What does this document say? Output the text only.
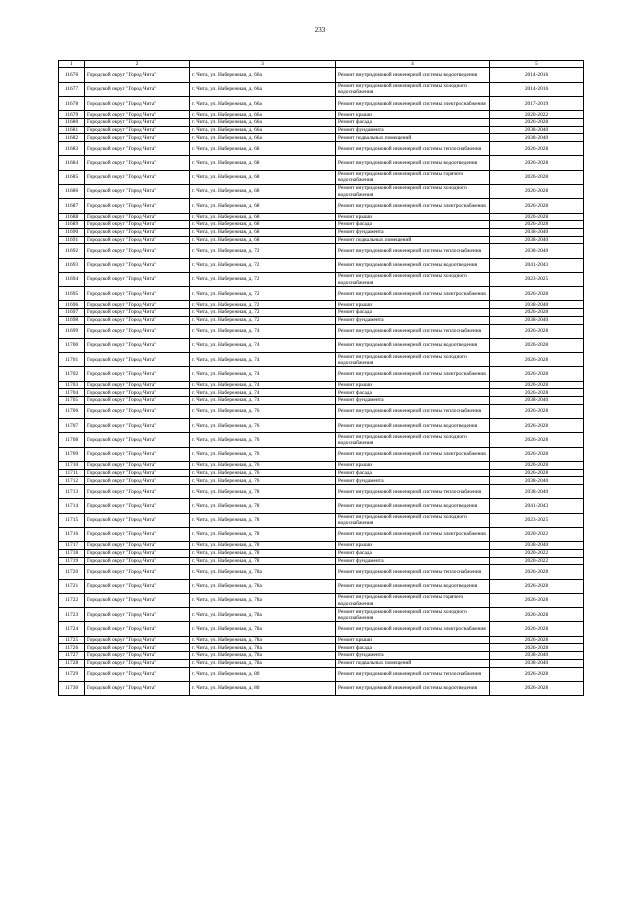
233
1	2	3	4	5
11676	Городской округ "Город Чита"	г. Чита, ул. Набережная, д. 66а	Ремонт внутридомовой инженерной системы водоотведения	2014-2016
11677	Городской округ "Город Чита"	г. Чита, ул. Набережная, д. 66а	Ремонт внутридомовой инженерной системы холодного водоснабжения	2014-2016
11678	Городской округ "Город Чита"	г. Чита, ул. Набережная, д. 66а	Ремонт внутридомовой инженерной системы электроснабжения	2017-2019
11679	Городской округ "Город Чита"	г. Чита, ул. Набережная, д. 66а	Ремонт крыши	2020-2022
11680	Городской округ "Город Чита"	г. Чита, ул. Набережная, д. 66а	Ремонт фасада	2026-2028
11681	Городской округ "Город Чита"	г. Чита, ул. Набережная, д. 66а	Ремонт фундамента	2038-2040
11682	Городской округ "Город Чита"	г. Чита, ул. Набережная, д. 66а	Ремонт подвальных помещений	2038-2040
11683	Городской округ "Город Чита"	г. Чита, ул. Набережная, д. 68	Ремонт внутридомовой инженерной системы теплоснабжения	2026-2028
11684	Городской округ "Город Чита"	г. Чита, ул. Набережная, д. 68	Ремонт внутридомовой инженерной системы водоотведения	2026-2028
11685	Городской округ "Город Чита"	г. Чита, ул. Набережная, д. 68	Ремонт внутридомовой инженерной системы горячего водоснабжения	2026-2028
11686	Городской округ "Город Чита"	г. Чита, ул. Набережная, д. 68	Ремонт внутридомовой инженерной системы холодного водоснабжения	2026-2028
11687	Городской округ "Город Чита"	г. Чита, ул. Набережная, д. 68	Ремонт внутридомовой инженерной системы электроснабжения	2026-2028
11688	Городской округ "Город Чита"	г. Чита, ул. Набережная, д. 68	Ремонт крыши	2026-2028
11689	Городской округ "Город Чита"	г. Чита, ул. Набережная, д. 68	Ремонт фасада	2026-2028
11690	Городской округ "Город Чита"	г. Чита, ул. Набережная, д. 68	Ремонт фундамента	2038-2040
11691	Городской округ "Город Чита"	г. Чита, ул. Набережная, д. 68	Ремонт подвальных помещений	2038-2040
11692	Городской округ "Город Чита"	г. Чита, ул. Набережная, д. 72	Ремонт внутридомовой инженерной системы теплоснабжения	2038-2040
11693	Городской округ "Город Чита"	г. Чита, ул. Набережная, д. 72	Ремонт внутридомовой инженерной системы водоотведения	2041-2043
11694	Городской округ "Город Чита"	г. Чита, ул. Набережная, д. 72	Ремонт внутридомовой инженерной системы холодного водоснабжения	2023-2025
11695	Городской округ "Город Чита"	г. Чита, ул. Набережная, д. 72	Ремонт внутридомовой инженерной системы электроснабжения	2026-2028
11696	Городской округ "Город Чита"	г. Чита, ул. Набережная, д. 72	Ремонт крыши	2038-2040
11697	Городской округ "Город Чита"	г. Чита, ул. Набережная, д. 72	Ремонт фасада	2026-2028
11698	Городской округ "Город Чита"	г. Чита, ул. Набережная, д. 72	Ремонт фундамента	2038-2040
11699	Городской округ "Город Чита"	г. Чита, ул. Набережная, д. 74	Ремонт внутридомовой инженерной системы теплоснабжения	2026-2028
11700	Городской округ "Город Чита"	г. Чита, ул. Набережная, д. 74	Ремонт внутридомовой инженерной системы водоотведения	2026-2028
11701	Городской округ "Город Чита"	г. Чита, ул. Набережная, д. 74	Ремонт внутридомовой инженерной системы холодного водоснабжения	2026-2028
11702	Городской округ "Город Чита"	г. Чита, ул. Набережная, д. 74	Ремонт внутридомовой инженерной системы электроснабжения	2026-2028
11703	Городской округ "Город Чита"	г. Чита, ул. Набережная, д. 74	Ремонт крыши	2026-2028
11704	Городской округ "Город Чита"	г. Чита, ул. Набережная, д. 74	Ремонт фасада	2026-2028
11705	Городской округ "Город Чита"	г. Чита, ул. Набережная, д. 74	Ремонт фундамента	2038-2040
11706	Городской округ "Город Чита"	г. Чита, ул. Набережная, д. 76	Ремонт внутридомовой инженерной системы теплоснабжения	2026-2028
11707	Городской округ "Город Чита"	г. Чита, ул. Набережная, д. 76	Ремонт внутридомовой инженерной системы водоотведения	2026-2028
11708	Городской округ "Город Чита"	г. Чита, ул. Набережная, д. 76	Ремонт внутридомовой инженерной системы холодного водоснабжения	2026-2028
11709	Городской округ "Город Чита"	г. Чита, ул. Набережная, д. 76	Ремонт внутридомовой инженерной системы электроснабжения	2026-2028
11710	Городской округ "Город Чита"	г. Чита, ул. Набережная, д. 76	Ремонт крыши	2026-2028
11711	Городской округ "Город Чита"	г. Чита, ул. Набережная, д. 76	Ремонт фасада	2026-2028
11712	Городской округ "Город Чита"	г. Чита, ул. Набережная, д. 76	Ремонт фундамента	2038-2040
11713	Городской округ "Город Чита"	г. Чита, ул. Набережная, д. 78	Ремонт внутридомовой инженерной системы теплоснабжения	2038-2040
11714	Городской округ "Город Чита"	г. Чита, ул. Набережная, д. 78	Ремонт внутридомовой инженерной системы водоотведения	2041-2043
11715	Городской округ "Город Чита"	г. Чита, ул. Набережная, д. 78	Ремонт внутридомовой инженерной системы холодного водоснабжения	2023-2025
11716	Городской округ "Город Чита"	г. Чита, ул. Набережная, д. 78	Ремонт внутридомовой инженерной системы электроснабжения	2020-2022
11717	Городской округ "Город Чита"	г. Чита, ул. Набережная, д. 78	Ремонт крыши	2038-2040
11718	Городской округ "Город Чита"	г. Чита, ул. Набережная, д. 78	Ремонт фасада	2020-2022
11719	Городской округ "Город Чита"	г. Чита, ул. Набережная, д. 78	Ремонт фундамента	2020-2022
11720	Городской округ "Город Чита"	г. Чита, ул. Набережная, д. 78а	Ремонт внутридомовой инженерной системы теплоснабжения	2026-2028
11721	Городской округ "Город Чита"	г. Чита, ул. Набережная, д. 78а	Ремонт внутридомовой инженерной системы водоотведения	2026-2028
11722	Городской округ "Город Чита"	г. Чита, ул. Набережная, д. 78а	Ремонт внутридомовой инженерной системы горячего водоснабжения	2026-2028
11723	Городской округ "Город Чита"	г. Чита, ул. Набережная, д. 78а	Ремонт внутридомовой инженерной системы холодного водоснабжения	2026-2028
11724	Городской округ "Город Чита"	г. Чита, ул. Набережная, д. 78а	Ремонт внутридомовой инженерной системы электроснабжения	2026-2028
11725	Городской округ "Город Чита"	г. Чита, ул. Набережная, д. 78а	Ремонт крыши	2026-2028
11726	Городской округ "Город Чита"	г. Чита, ул. Набережная, д. 78а	Ремонт фасада	2026-2028
11727	Городской округ "Город Чита"	г. Чита, ул. Набережная, д. 78а	Ремонт фундамента	2038-2040
11728	Городской округ "Город Чита"	г. Чита, ул. Набережная, д. 78а	Ремонт подвальных помещений	2038-2040
11729	Городской округ "Город Чита"	г. Чита, ул. Набережная, д. 80	Ремонт внутридомовой инженерной системы теплоснабжения	2026-2028
11730	Городской округ "Город Чита"	г. Чита, ул. Набережная, д. 80	Ремонт внутридомовой инженерной системы водоотведения	2026-2028
